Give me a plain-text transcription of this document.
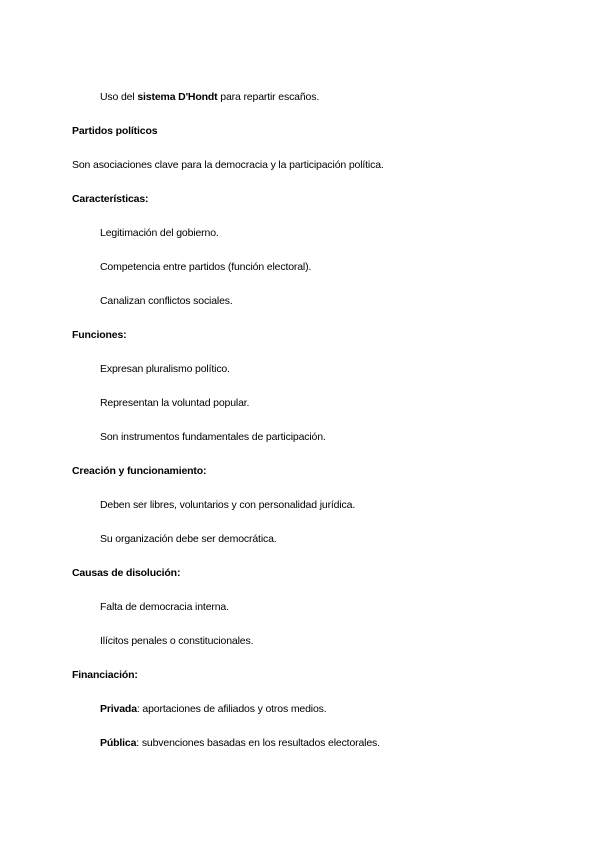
Uso del sistema D'Hondt para repartir escaños.
Partidos políticos
Son asociaciones clave para la democracia y la participación política.
Características:
Legitimación del gobierno.
Competencia entre partidos (función electoral).
Canalizan conflictos sociales.
Funciones:
Expresan pluralismo político.
Representan la voluntad popular.
Son instrumentos fundamentales de participación.
Creación y funcionamiento:
Deben ser libres, voluntarios y con personalidad jurídica.
Su organización debe ser democrática.
Causas de disolución:
Falta de democracia interna.
Ilícitos penales o constitucionales.
Financiación:
Privada: aportaciones de afiliados y otros medios.
Pública: subvenciones basadas en los resultados electorales.
